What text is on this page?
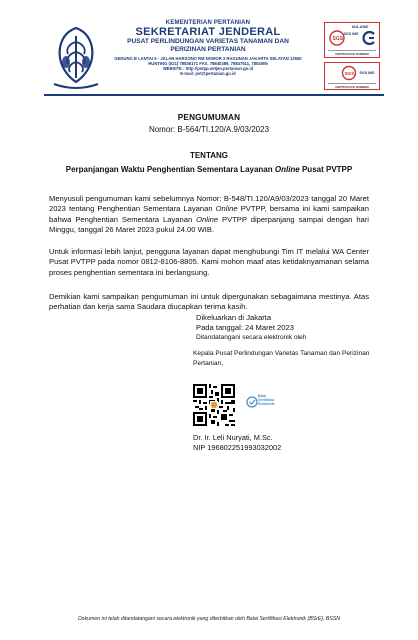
KEMENTERIAN PERTANIAN
SEKRETARIAT JENDERAL
PUSAT PERLINDUNGAN VARIETAS TANAMAN DAN PERIZINAN PERTANIAN
GEDUNG B LANTAI 5 - JALAN HARSONO RM NOMOR 3 RAGUNAN JAKARTA SELATAN 12550
HUNTING (021) 78836171 FAX. 78840389, 78847511, 7804006
WEBSITE : http://pvtpp.setjen.pertanian.go.id
E-mail: pvt@pertanian.go.id
IAS-ANE
SGS
SGS IMS
CERTIFICATE NUMBER
SGS	SGS IMS
CERTIFICATE NUMBER
PENGUMUMAN
Nomor: B-564/TI.120/A.9/03/2023
TENTANG
Perpanjangan Waktu Penghentian Sementara Layanan Online Pusat PVTPP
Menyusuli pengumuman kami sebelumnya Nomor: B-548/TI.120/A9/03/2023 tanggal 20 Maret 2023 tentang Penghentian Sementara Layanan Online PVTPP, bersama ini kami sampaikan bahwa Penghentian Sementara Layanan Online PVTPP diperpanjang sampai dengan hari Minggu, tanggal 26 Maret 2023 pukul 24.00 WIB.
Untuk informasi lebih lanjut, pengguna layanan dapat menghubungi Tim IT melalui WA Center Pusat PVTPP pada nomor 0812-8106-8805. Kami mohon maaf atas ketidaknyamanan selama proses penghentian sementara ini berlangsung.
Demikian kami sampaikan pengumuman ini untuk dipergunakan sebagaimana mestinya. Atas perhatian dan kerja sama Saudara diucapkan terima kasih.
Dikeluarkan di Jakarta
Pada tanggal: 24 Maret 2023
Ditandatangani secara elektronik oleh
Kepala Pusat Perlindungan Varietas Tanaman dan Perizinan Pertanian,
Balai Sertifikasi Elektronik
Dr. Ir. Leli Nuryati, M.Sc.
NIP 196802251993032002
Dokumen ini telah ditandatangani secara elektronik yang diterbitkan oleh Balai Sertifikasi Elektronik (BSrE), BSSN
